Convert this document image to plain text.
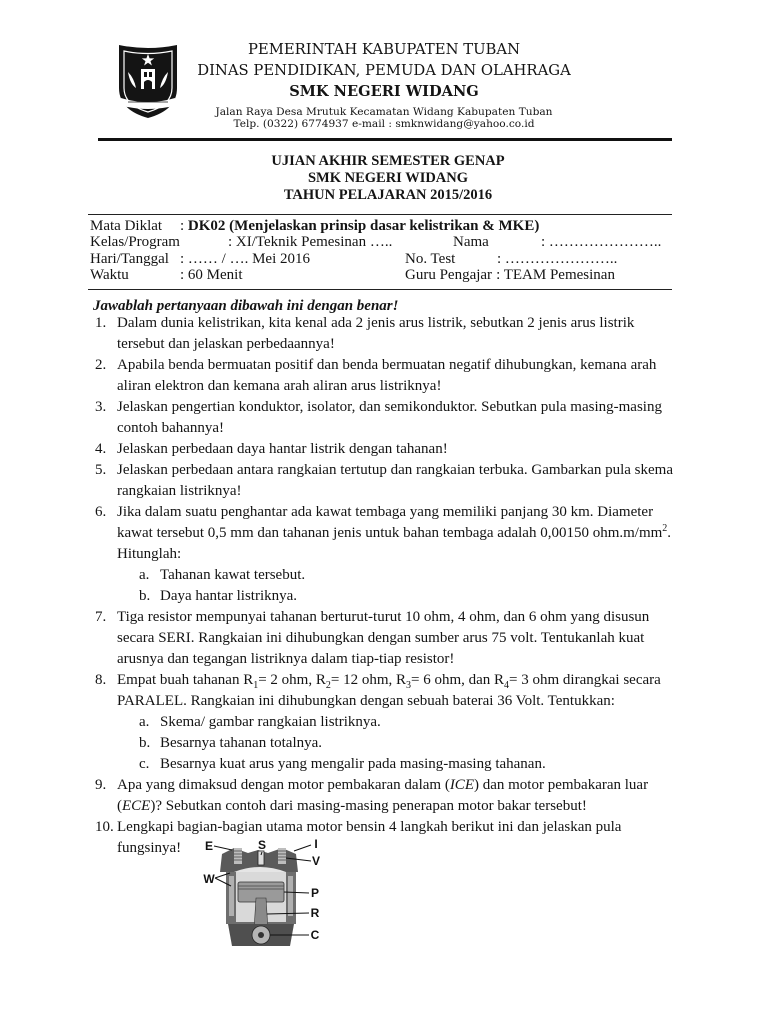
PEMERINTAH KABUPATEN TUBAN
DINAS PENDIDIKAN, PEMUDA DAN OLAHRAGA
SMK NEGERI WIDANG
Jalan Raya Desa Mrutuk Kecamatan Widang Kabupaten Tuban
Telp. (0322) 6774937 e-mail : smknwidang@yahoo.co.id
UJIAN AKHIR SEMESTER GENAP
SMK NEGERI WIDANG
TAHUN PELAJARAN 2015/2016
Mata Diklat : DK02 (Menjelaskan prinsip dasar kelistrikan & MKE)
Kelas/Program	: XI/Teknik Pemesinan …..	Nama	: …………………..
Hari/Tanggal : …… / …. Mei 2016	No. Test	: …………………..
Waktu	: 60 Menit	Guru Pengajar : TEAM Pemesinan
Jawablah pertanyaan dibawah ini dengan benar!
1. Dalam dunia kelistrikan, kita kenal ada 2 jenis arus listrik, sebutkan 2 jenis arus listrik
tersebut dan jelaskan perbedaannya!
2. Apabila benda bermuatan positif dan benda bermuatan negatif dihubungkan, kemana arah
aliran elektron dan kemana arah aliran arus listriknya!
3. Jelaskan pengertian konduktor, isolator, dan semikonduktor. Sebutkan pula masing-masing
contoh bahannya!
4. Jelaskan perbedaan daya hantar listrik dengan tahanan!
5. Jelaskan perbedaan antara rangkaian tertutup dan rangkaian terbuka. Gambarkan pula skema
rangkaian listriknya!
6. Jika dalam suatu penghantar ada kawat tembaga yang memiliki panjang 30 km. Diameter
kawat tersebut 0,5 mm dan tahanan jenis untuk bahan tembaga adalah 0,00150 $ohm.m/mm^2$.
Hitunglah:
a. Tahanan kawat tersebut.
b. Daya hantar listriknya.
7. Tiga resistor mempunyai tahanan berturut-turut 10 ohm, 4 ohm, dan 6 ohm yang disusun
secara SERI. Rangkaian ini dihubungkan dengan sumber arus 75 volt. Tentukanlah kuat
arusnya dan tegangan listriknya dalam tiap-tiap resistor!
8. Empat buah tahanan $R_1= 2$ ohm, $R_2= 12$ ohm, $R_3= 6$ ohm, dan $R_4= 3$ ohm dirangkai secara
PARALEL. Rangkaian ini dihubungkan dengan sebuah baterai 36 Volt. Tentukkan:
a. Skema/ gambar rangkaian listriknya.
b. Besarnya tahanan totalnya.
c. Besarnya kuat arus yang mengalir pada masing-masing tahanan.
9. Apa yang dimaksud dengan motor pembakaran dalam (ICE) dan motor pembakaran luar
(ECE)? Sebutkan contoh dari masing-masing penerapan motor bakar tersebut!
10. Lengkapi bagian-bagian utama motor bensin 4 langkah berikut ini dan jelaskan pula
fungsinya!	E	S	I
V
W
P
R
C
